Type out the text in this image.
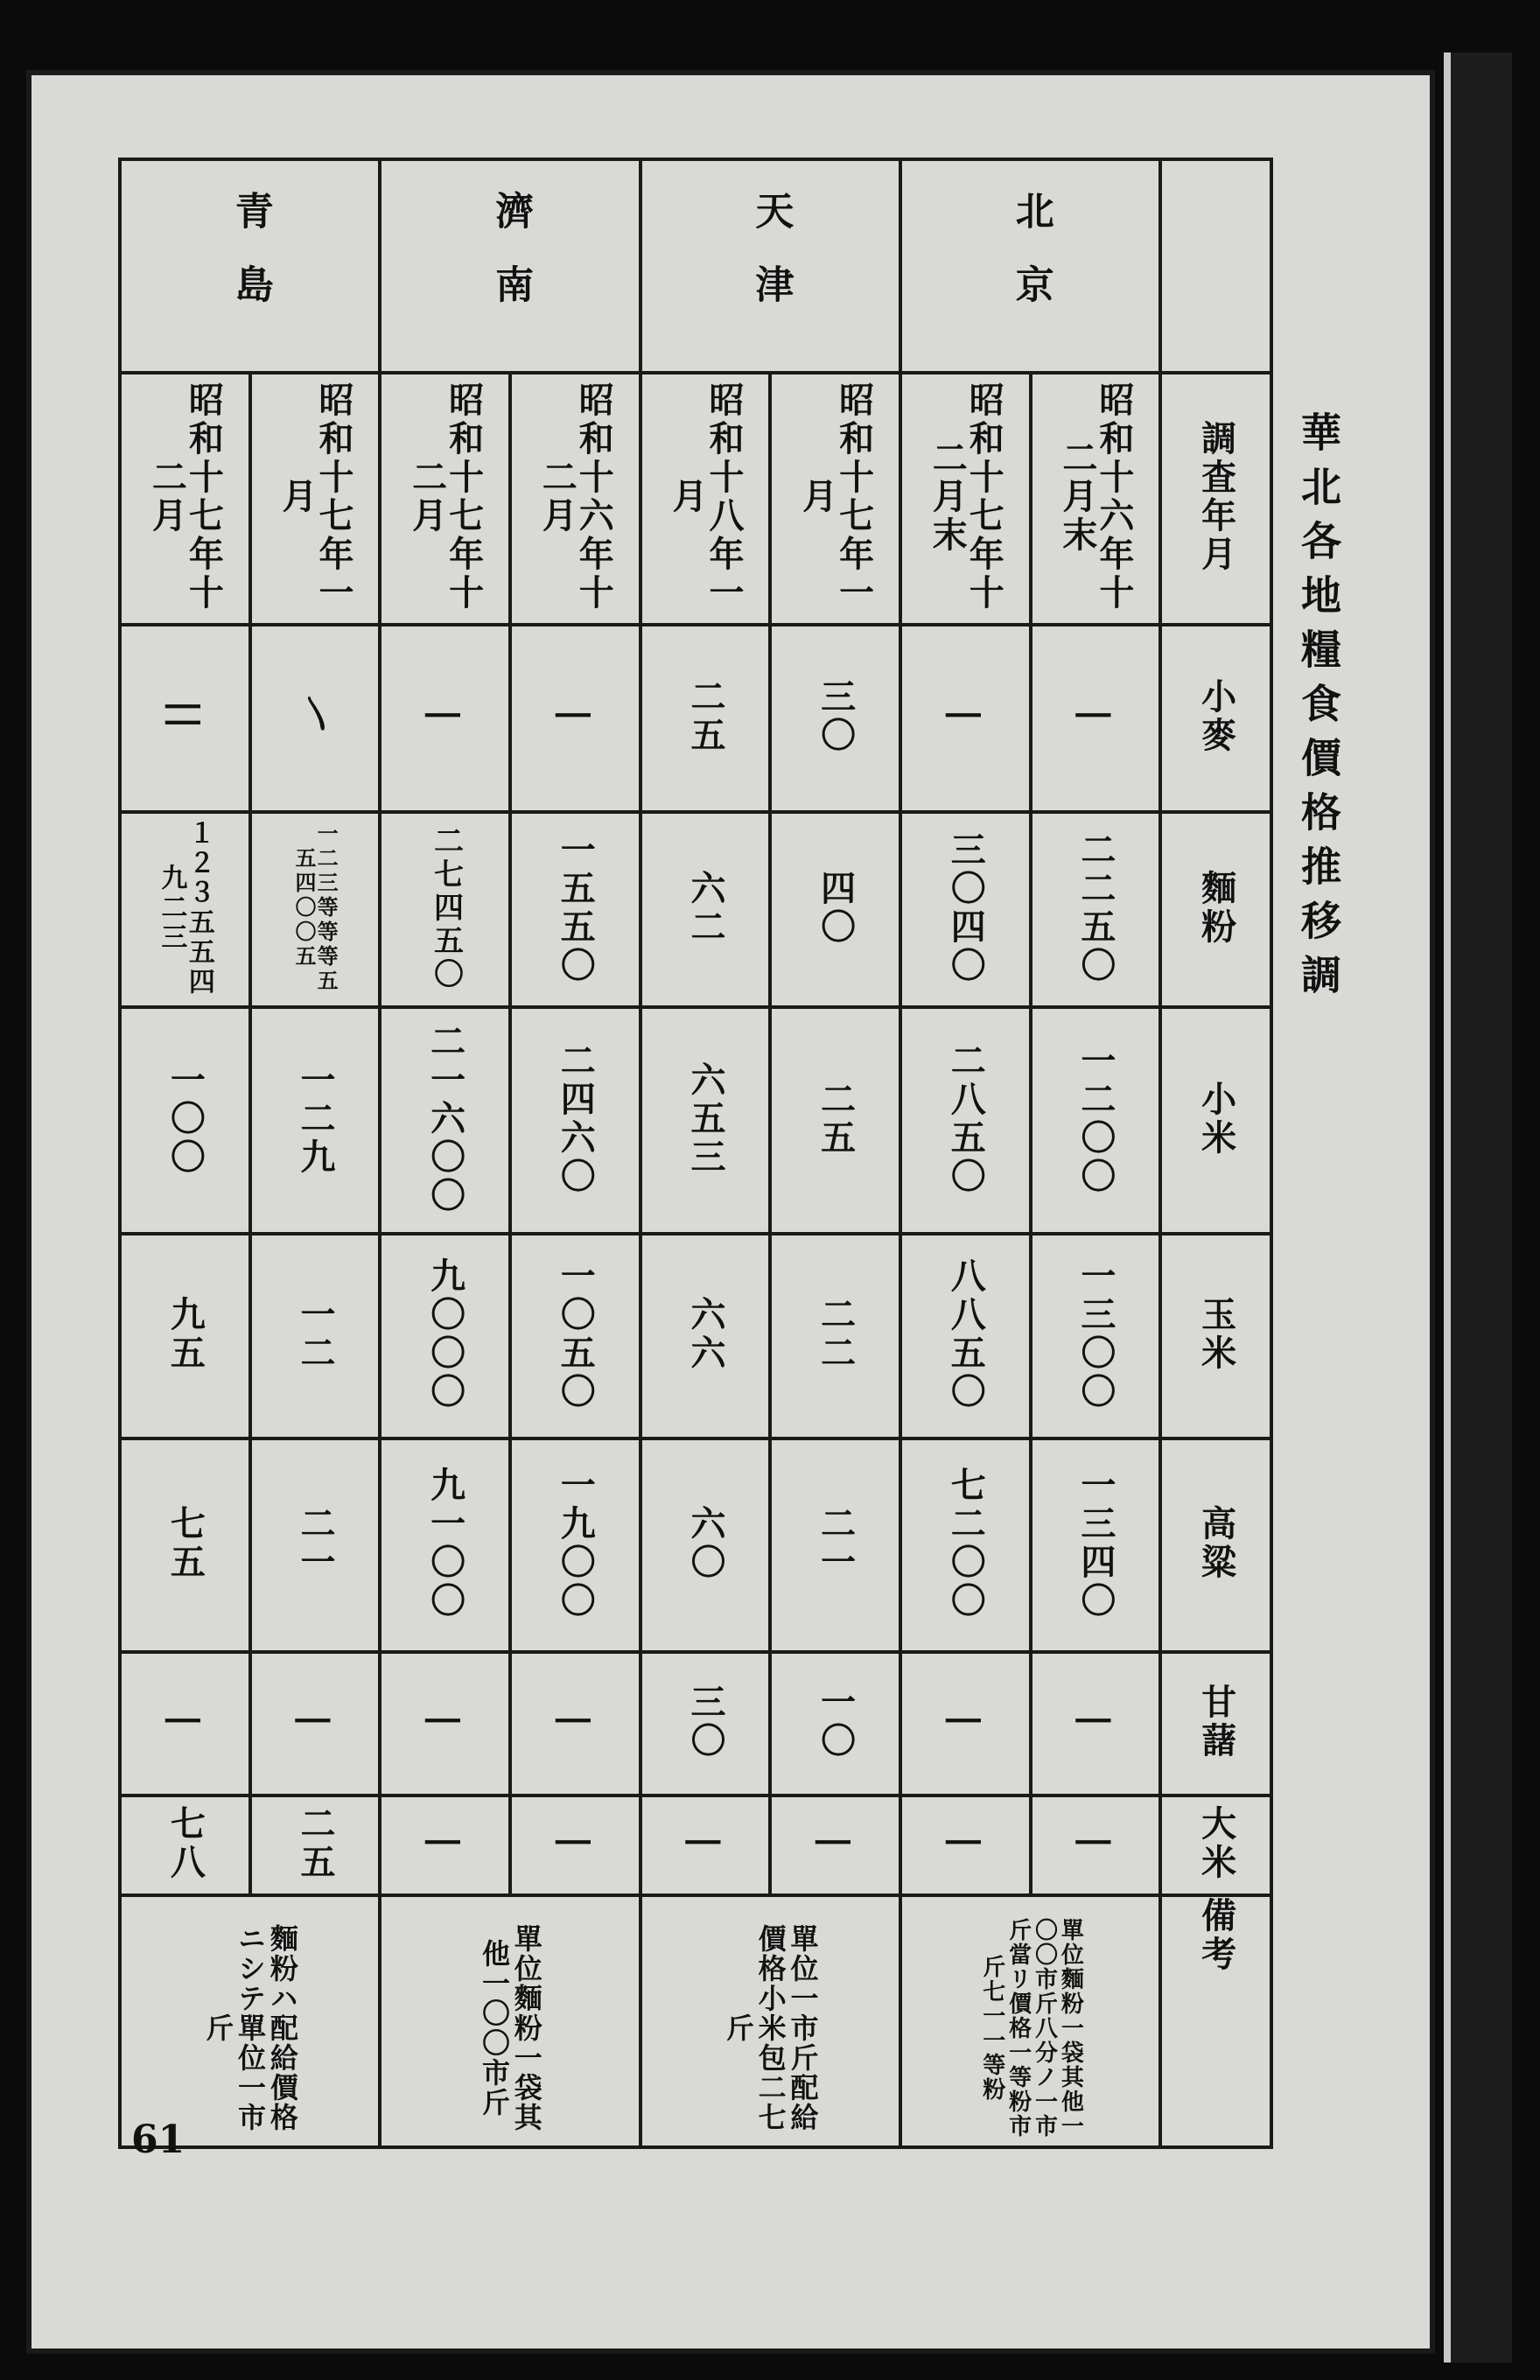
華北各地糧食價格推移調
青島		濟南		天津		北京		
昭和十七年十二月	昭和十七年一月	昭和十七年十二月	昭和十六年十二月	昭和十八年一月	昭和十七年一月	昭和十七年十二月末	昭和十六年十二月末	調査年月
||	〵	|	|	二五	三〇	|	|	小麥
１２３五五四九二三	一二三等等等五五四〇〇五	二七四五〇	一五五〇	六二	四〇	三〇四〇	二二五〇	麵粉
一〇〇	一二九	二一六〇〇	二四六〇	六五三	二五	二八五〇	一二〇〇	小米
九五	一二	九〇〇〇	一〇五〇	六六	二二	八八五〇	一三〇〇	玉米
七五	二一	九一〇〇	一九〇〇	六〇	二一	七二〇〇	一三四〇	高粱
|	|	|	|	三〇	一〇	|	|	甘藷
七八	二五	|	|	|	|	|	|	大米
麵粉ハ配給價格ニシテ單位一市斤		單位麵粉一袋其他一〇〇市斤		單位一市斤配給價格小米包二七斤		單位麵粉一袋其他一〇〇市斤八分ノ一市斤當リ價格一等粉市斤七一一等粉		備考
61
